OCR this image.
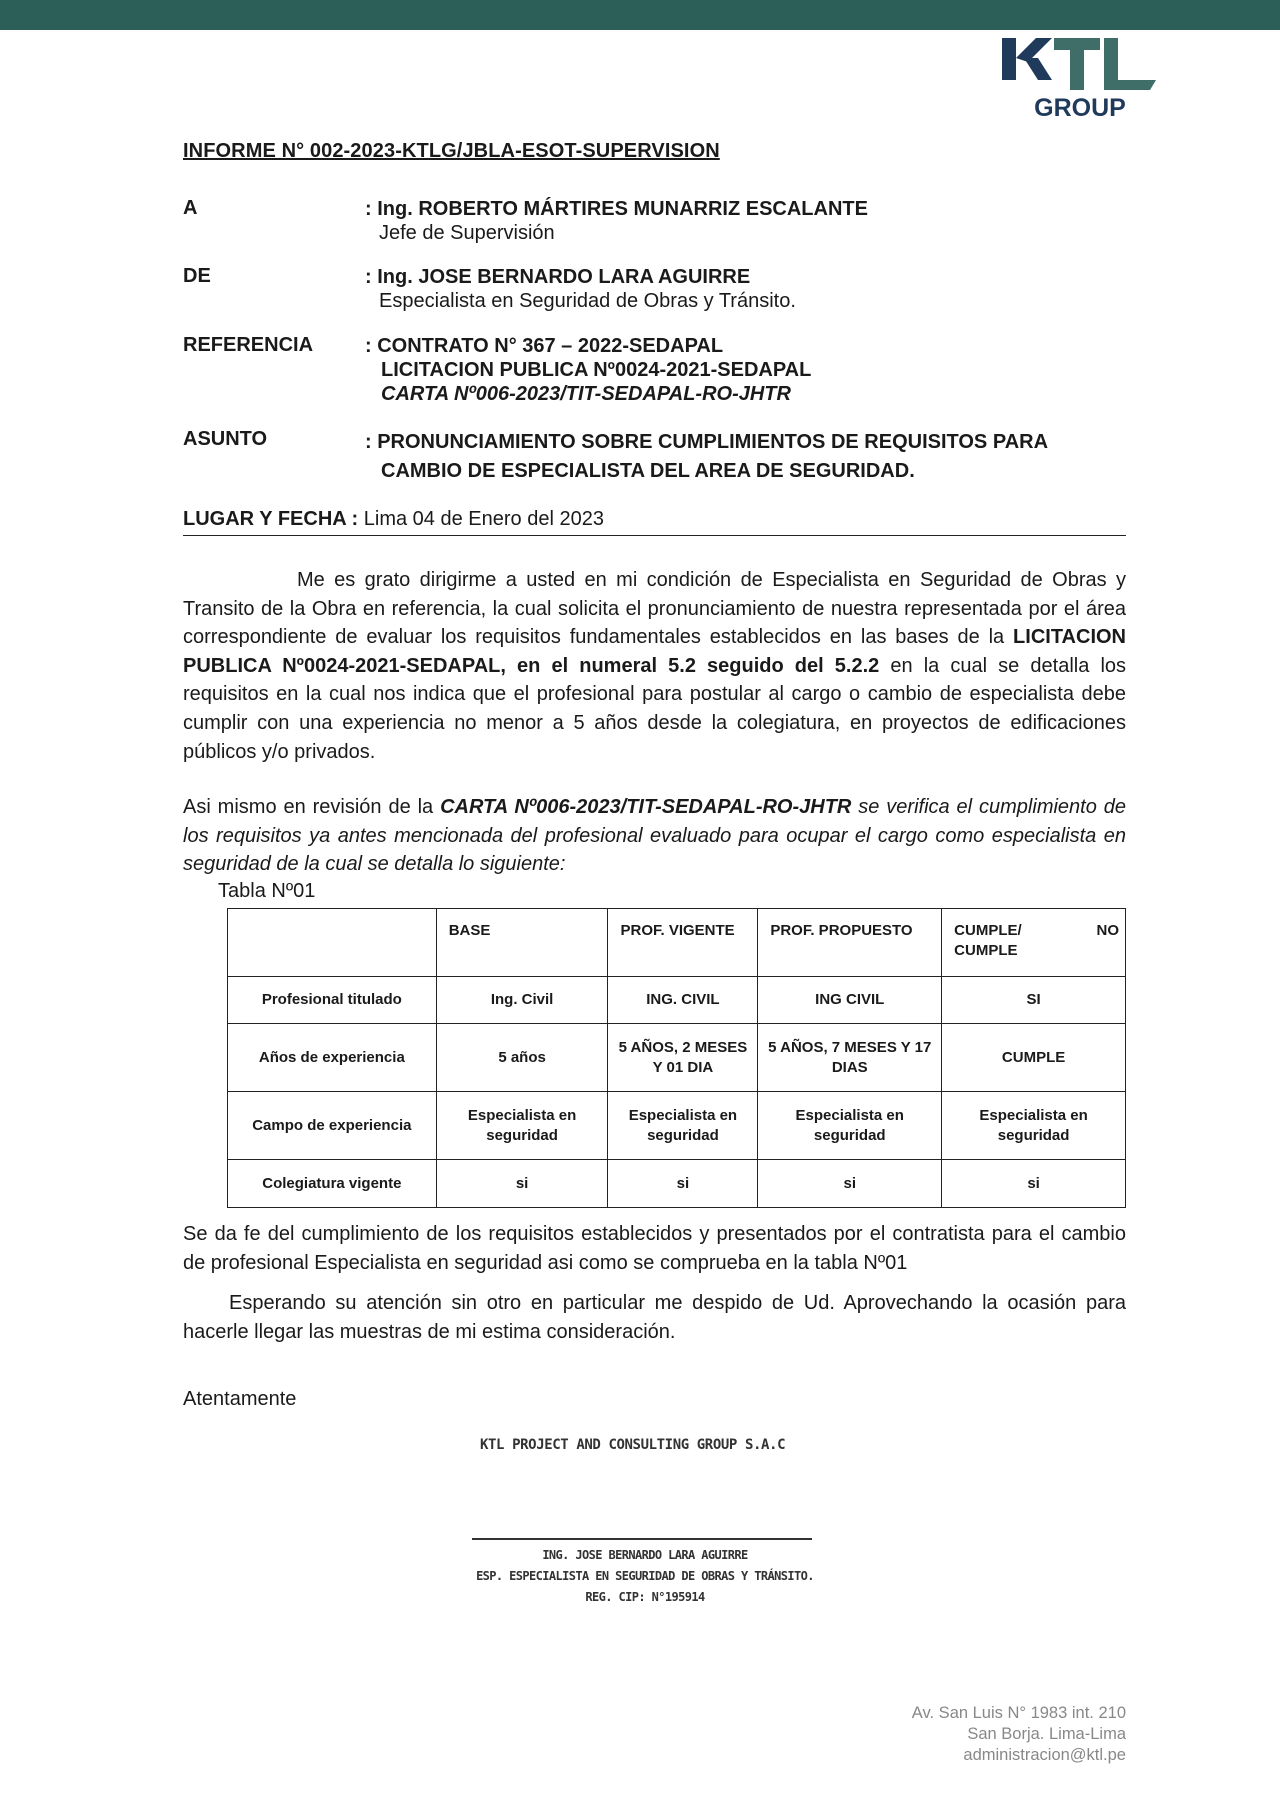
GROUP
INFORME N° 002-2023-KTLG/JBLA-ESOT-SUPERVISION
A	: Ing. ROBERTO MÁRTIRES MUNARRIZ ESCALANTE
Jefe de Supervisión
DE	: Ing. JOSE BERNARDO LARA AGUIRRE
Especialista en Seguridad de Obras y Tránsito.
REFERENCIA	: CONTRATO N° 367 – 2022-SEDAPAL
LICITACION PUBLICA Nº0024-2021-SEDAPAL
CARTA Nº006-2023/TIT-SEDAPAL-RO-JHTR
ASUNTO	: PRONUNCIAMIENTO SOBRE CUMPLIMIENTOS DE REQUISITOS PARA
CAMBIO DE ESPECIALISTA DEL AREA DE SEGURIDAD.
LUGAR Y FECHA : Lima 04 de Enero del 2023

Me es grato dirigirme a usted en mi condición de Especialista en Seguridad de Obras y Transito de la Obra en referencia, la cual solicita el pronunciamiento de nuestra representada por el área correspondiente de evaluar los requisitos fundamentales establecidos en las bases de la LICITACION PUBLICA Nº0024-2021-SEDAPAL, en el numeral 5.2 seguido del 5.2.2 en la cual se detalla los requisitos en la cual nos indica que el profesional para postular al cargo o cambio de especialista debe cumplir con una experiencia no menor a 5 años desde la colegiatura, en proyectos de edificaciones públicos y/o privados.

Asi mismo en revisión de la CARTA Nº006-2023/TIT-SEDAPAL-RO-JHTR se verifica el cumplimiento de los requisitos ya antes mencionada del profesional evaluado para ocupar el cargo como especialista en seguridad de la cual se detalla lo siguiente:

Tabla Nº01
	BASE	PROF. VIGENTE	PROF. PROPUESTO	CUMPLE/ NO
CUMPLE

Profesional titulado	Ing. Civil	ING. CIVIL	ING CIVIL	SI
Años de experiencia	5 años	5 AÑOS, 2 MESES Y 01 DIA	5 AÑOS, 7 MESES Y 17 DIAS	CUMPLE
Campo de experiencia	Especialista en seguridad	Especialista en seguridad	Especialista en seguridad	Especialista en seguridad
Colegiatura vigente	si	si	si	si

Se da fe del cumplimiento de los requisitos establecidos y presentados por el contratista para el cambio de profesional Especialista en seguridad asi como se comprueba en la tabla Nº01

Esperando su atención sin otro en particular me despido de Ud. Aprovechando la ocasión para hacerle llegar las muestras de mi estima consideración.

Atentamente
KTL PROJECT AND CONSULTING GROUP S.A.C
ING. JOSE BERNARDO LARA AGUIRRE
ESP. ESPECIALISTA EN SEGURIDAD DE OBRAS Y TRÁNSITO.
REG. CIP: N°195914
Av. San Luis N° 1983 int. 210
San Borja. Lima-Lima
administracion@ktl.pe
